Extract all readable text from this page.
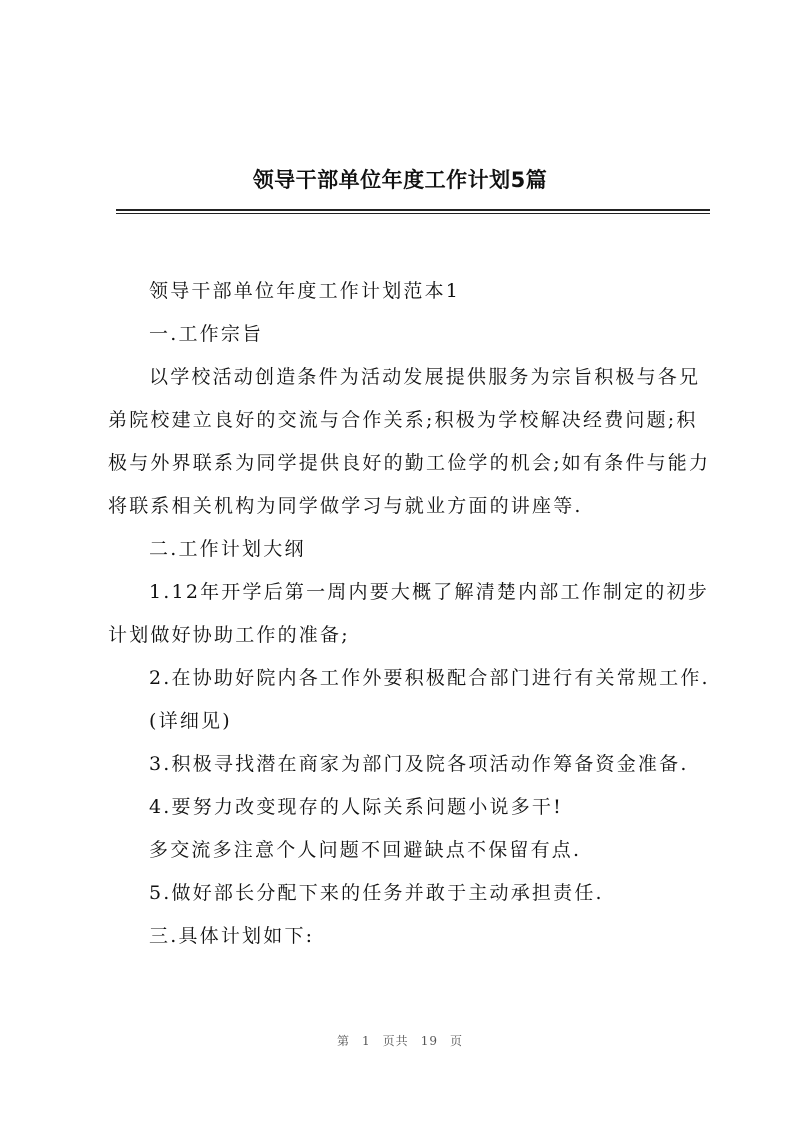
领导干部单位年度工作计划5篇

领导干部单位年度工作计划范本1

一.工作宗旨

以学校活动创造条件为活动发展提供服务为宗旨积极与各兄弟院校建立良好的交流与合作关系;积极为学校解决经费问题;积极与外界联系为同学提供良好的勤工俭学的机会;如有条件与能力将联系相关机构为同学做学习与就业方面的讲座等.

二.工作计划大纲

1.12年开学后第一周内要大概了解清楚内部工作制定的初步计划做好协助工作的准备;

2.在协助好院内各工作外要积极配合部门进行有关常规工作.

(详细见)

3.积极寻找潜在商家为部门及院各项活动作筹备资金准备.

4.要努力改变现存的人际关系问题小说多干!

多交流多注意个人问题不回避缺点不保留有点.

5.做好部长分配下来的任务并敢于主动承担责任.

三.具体计划如下:

第 1 页共 19 页
